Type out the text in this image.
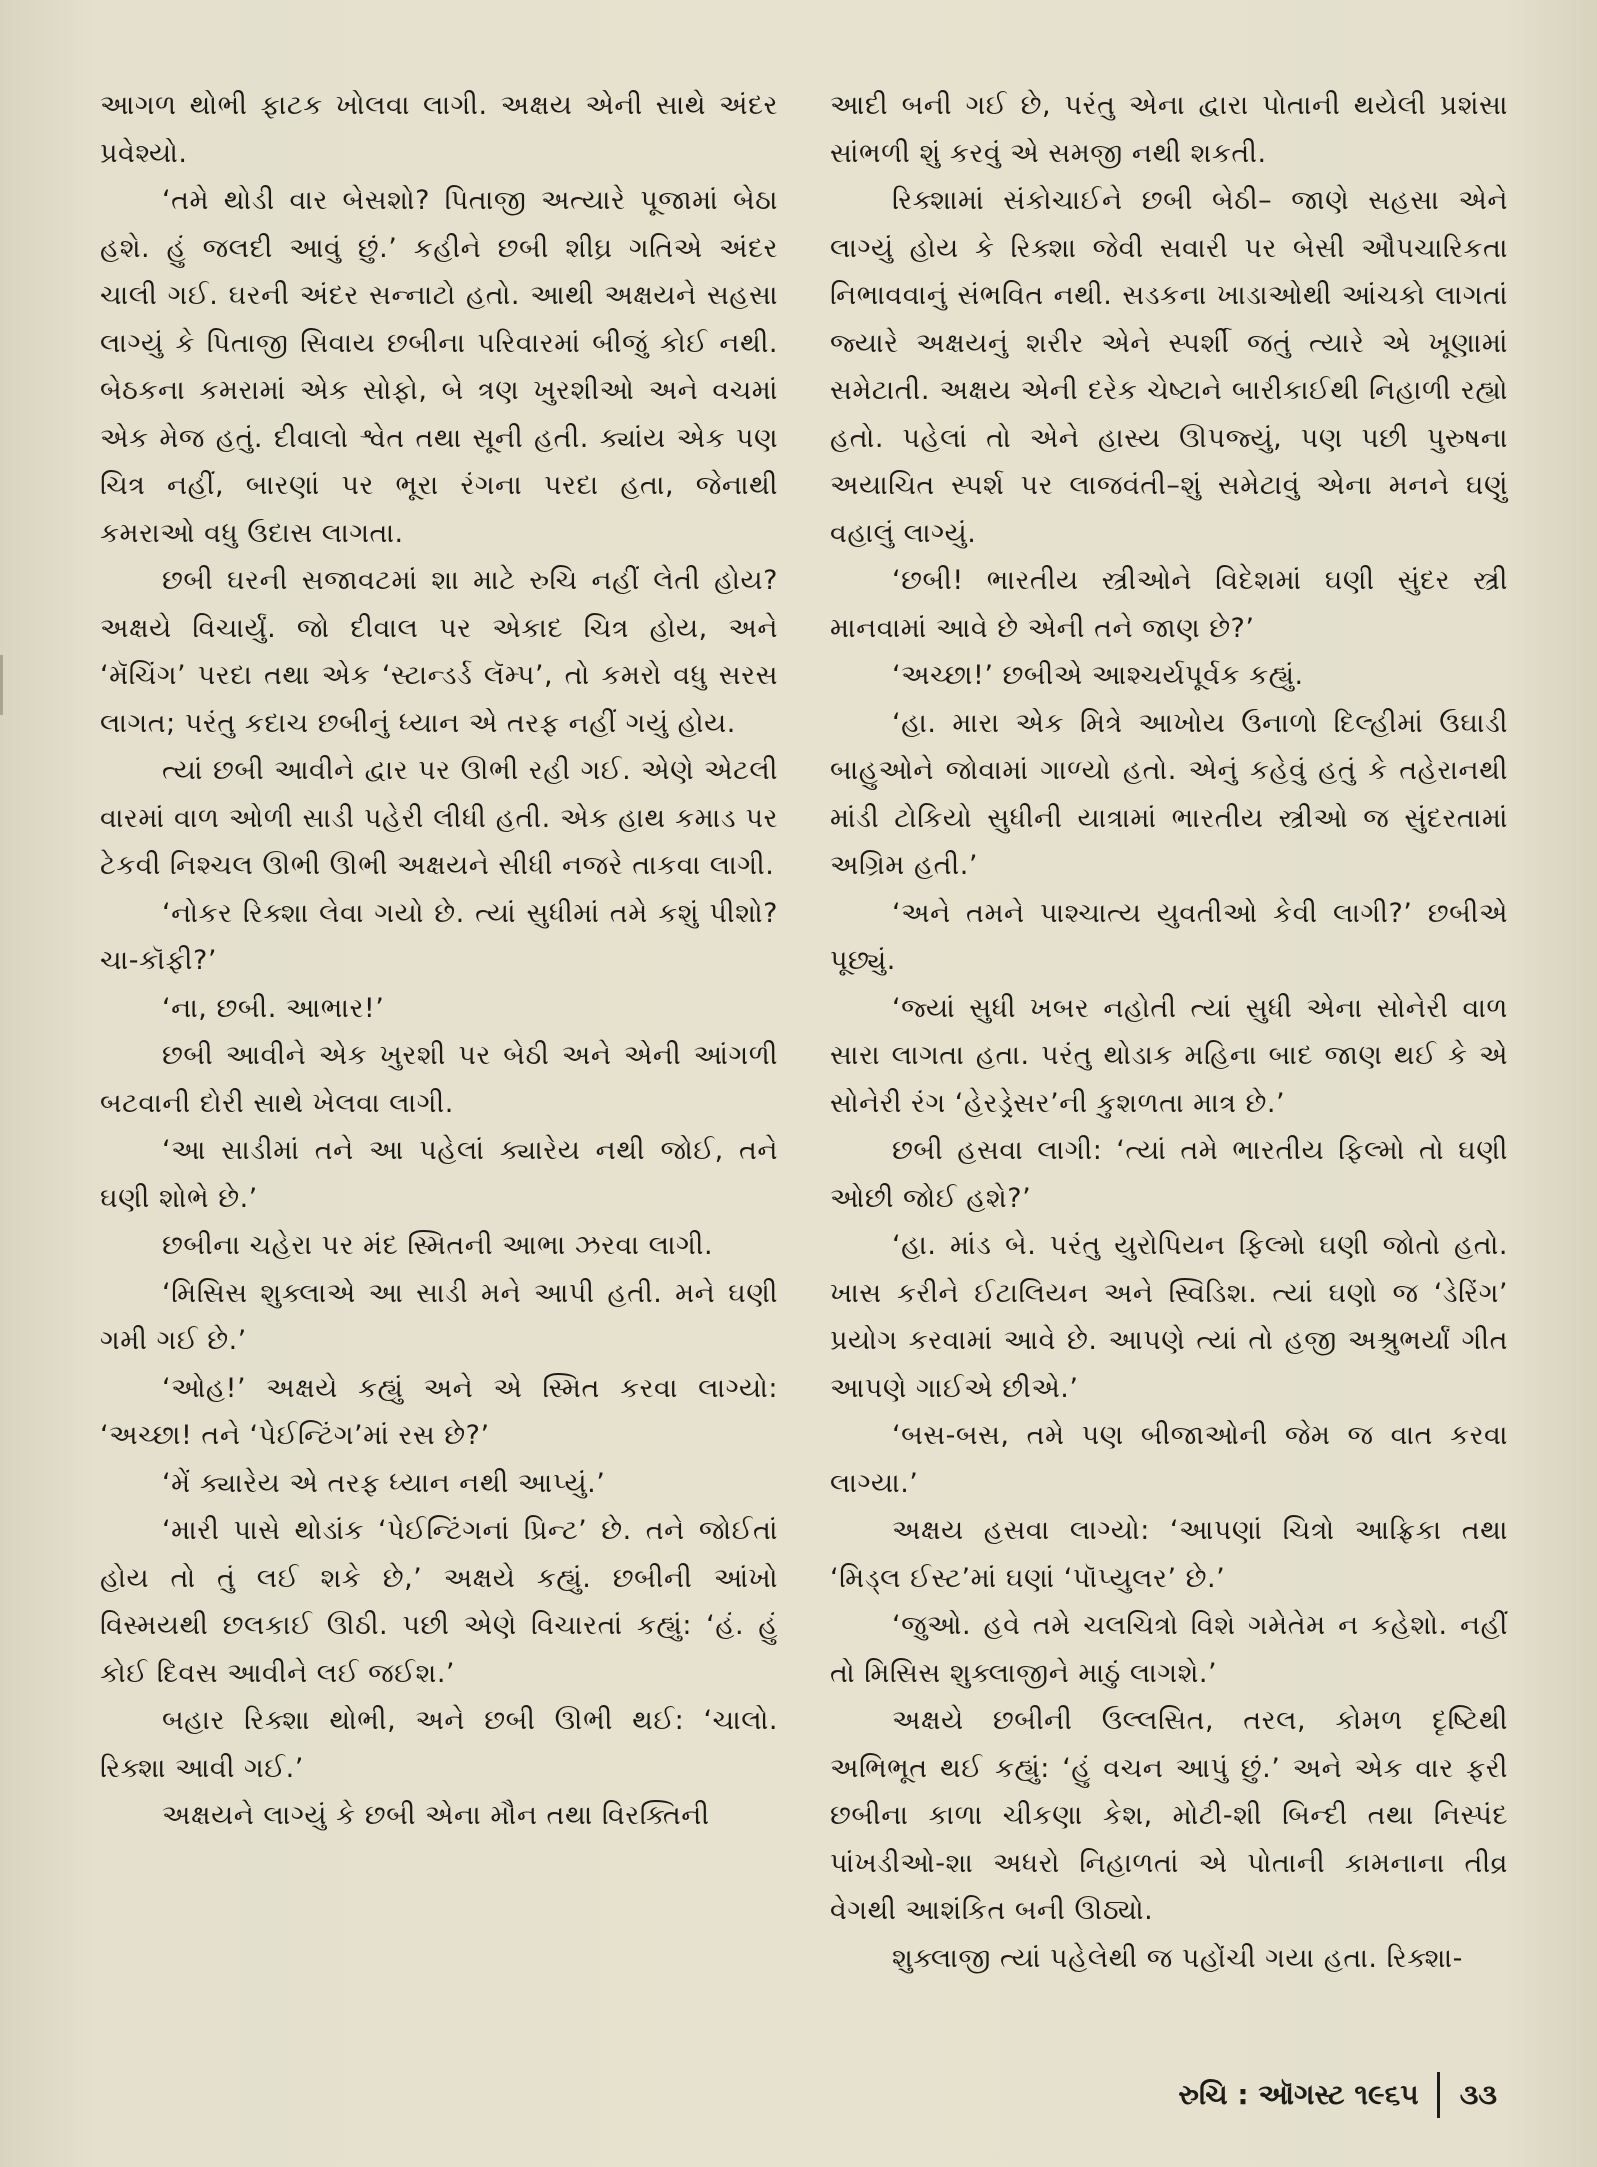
આગળ થોભી ફાટક ખોલવા લાગી. અક્ષય એની સાથે અંદર પ્રવેશ્યો.

‘તમે થોડી વાર બેસશો? પિતાજી અત્યારે પૂજામાં બેઠા હશે. હું જલદી આવું છું.’ કહીને છબી શીઘ્ર ગતિએ અંદર ચાલી ગઈ. ઘરની અંદર સન્નાટો હતો. આથી અક્ષયને સહસા લાગ્યું કે પિતાજી સિવાય છબીના પરિવારમાં બીજું કોઈ નથી. બેઠકના કમરામાં એક સોફો, બે ત્રણ ખુરશીઓ અને વચમાં એક મેજ હતું. દીવાલો શ્વેત તથા સૂની હતી. ક્યાંય એક પણ ચિત્ર નહીં, બારણાં પર ભૂરા રંગના પરદા હતા, જેનાથી કમરાઓ વધુ ઉદાસ લાગતા.

છબી ઘરની સજાવટમાં શા માટે રુચિ નહીં લેતી હોય? અક્ષયે વિચાર્યું. જો દીવાલ પર એકાદ ચિત્ર હોય, અને ‘મૅચિંગ’ પરદા તથા એક ‘સ્ટાન્ડર્ડ લૅમ્પ’, તો કમરો વધુ સરસ લાગત; પરંતુ કદાચ છબીનું ધ્યાન એ તરફ નહીં ગયું હોય.

ત્યાં છબી આવીને દ્વાર પર ઊભી રહી ગઈ. એણે એટલી વારમાં વાળ ઓળી સાડી પહેરી લીધી હતી. એક હાથ કમાડ પર ટેકવી નિશ્ચલ ઊભી ઊભી અક્ષયને સીધી નજરે તાકવા લાગી.

‘નોકર રિક્શા લેવા ગયો છે. ત્યાં સુધીમાં તમે કશું પીશો? ચા-કૉફી?’

‘ના, છબી. આભાર!’

છબી આવીને એક ખુરશી પર બેઠી અને એની આંગળી બટવાની દોરી સાથે ખેલવા લાગી.

‘આ સાડીમાં તને આ પહેલાં ક્યારેય નથી જોઈ, તને ઘણી શોભે છે.’

છબીના ચહેરા પર મંદ સ્મિતની આભા ઝરવા લાગી.

‘મિસિસ શુક્લાએ આ સાડી મને આપી હતી. મને ઘણી ગમી ગઈ છે.’

‘ઓહ!’ અક્ષયે કહ્યું અને એ સ્મિત કરવા લાગ્યો: ‘અચ્છા! તને ‘પેઈન્ટિંગ’માં રસ છે?’

‘મેં ક્યારેય એ તરફ ધ્યાન નથી આપ્યું.’

‘મારી પાસે થોડાંક ‘પેઈન્ટિંગનાં પ્રિન્ટ’ છે. તને જોઈતાં હોય તો તું લઈ શકે છે,’ અક્ષયે કહ્યું. છબીની આંખો વિસ્મયથી છલકાઈ ઊઠી. પછી એણે વિચારતાં કહ્યું: ‘હં. હું કોઈ દિવસ આવીને લઈ જઈશ.’

બહાર રિક્શા થોભી, અને છબી ઊભી થઈ: ‘ચાલો. રિક્શા આવી ગઈ.’

અક્ષયને લાગ્યું કે છબી એના મૌન તથા વિરક્તિની

આદી બની ગઈ છે, પરંતુ એના દ્વારા પોતાની થયેલી પ્રશંસા સાંભળી શું કરવું એ સમજી નથી શકતી.

રિક્શામાં સંકોચાઈને છબી બેઠી– જાણે સહસા એને લાગ્યું હોય કે રિક્શા જેવી સવારી પર બેસી ઔપચારિકતા નિભાવવાનું સંભવિત નથી. સડકના ખાડાઓથી આંચકો લાગતાં જ્યારે અક્ષયનું શરીર એને સ્પર્શી જતું ત્યારે એ ખૂણામાં સમેટાતી. અક્ષય એની દરેક ચેષ્ટાને બારીકાઈથી નિહાળી રહ્યો હતો. પહેલાં તો એને હાસ્ય ઊપજ્યું, પણ પછી પુરુષના અયાચિત સ્પર્શ પર લાજવંતી–શું સમેટાવું એના મનને ઘણું વહાલું લાગ્યું.

‘છબી! ભારતીય સ્ત્રીઓને વિદેશમાં ઘણી સુંદર સ્ત્રી માનવામાં આવે છે એની તને જાણ છે?’

‘અચ્છા!’ છબીએ આશ્ચર્યપૂર્વક કહ્યું.

‘હા. મારા એક મિત્રે આખોય ઉનાળો દિલ્હીમાં ઉઘાડી બાહુઓને જોવામાં ગાળ્યો હતો. એનું કહેવું હતું કે તહેરાનથી માંડી ટોકિયો સુધીની યાત્રામાં ભારતીય સ્ત્રીઓ જ સુંદરતામાં અગ્રિમ હતી.’

‘અને તમને પાશ્ચાત્ય યુવતીઓ કેવી લાગી?’ છબીએ પૂછ્યું.

‘જ્યાં સુધી ખબર નહોતી ત્યાં સુધી એના સોનેરી વાળ સારા લાગતા હતા. પરંતુ થોડાક મહિના બાદ જાણ થઈ કે એ સોનેરી રંગ ‘હેરડ્રેસર’ની કુશળતા માત્ર છે.’

છબી હસવા લાગી: ‘ત્યાં તમે ભારતીય ફિલ્મો તો ઘણી ઓછી જોઈ હશે?’

‘હા. માંડ બે. પરંતુ યુરોપિયન ફિલ્મો ઘણી જોતો હતો. ખાસ કરીને ઈટાલિયન અને સ્વિડિશ. ત્યાં ઘણો જ ‘ડેરિંગ’ પ્રયોગ કરવામાં આવે છે. આપણે ત્યાં તો હજી અશ્રુભર્યાં ગીત આપણે ગાઈએ છીએ.’

‘બસ-બસ, તમે પણ બીજાઓની જેમ જ વાત કરવા લાગ્યા.’

અક્ષય હસવા લાગ્યો: ‘આપણાં ચિત્રો આફ્રિકા તથા ‘મિડ્લ ઈસ્ટ’માં ઘણાં ‘પૉપ્યુલર’ છે.’

‘જુઓ. હવે તમે ચલચિત્રો વિશે ગમેતેમ ન કહેશો. નહીં તો મિસિસ શુક્લાજીને માઠું લાગશે.’

અક્ષયે છબીની ઉલ્લસિત, તરલ, કોમળ દૃષ્ટિથી અભિભૂત થઈ કહ્યું: ‘હું વચન આપું છું.’ અને એક વાર ફરી છબીના કાળા ચીકણા કેશ, મોટી-શી બિન્દી તથા નિસ્પંદ પાંખડીઓ-શા અધરો નિહાળતાં એ પોતાની કામનાના તીવ્ર વેગથી આશંકિત બની ઊઠ્યો.

શુક્લાજી ત્યાં પહેલેથી જ પહોંચી ગયા હતા. રિક્શા-

રુચિ : ઑગસ્ટ ૧૯૬૫ ૩૩
